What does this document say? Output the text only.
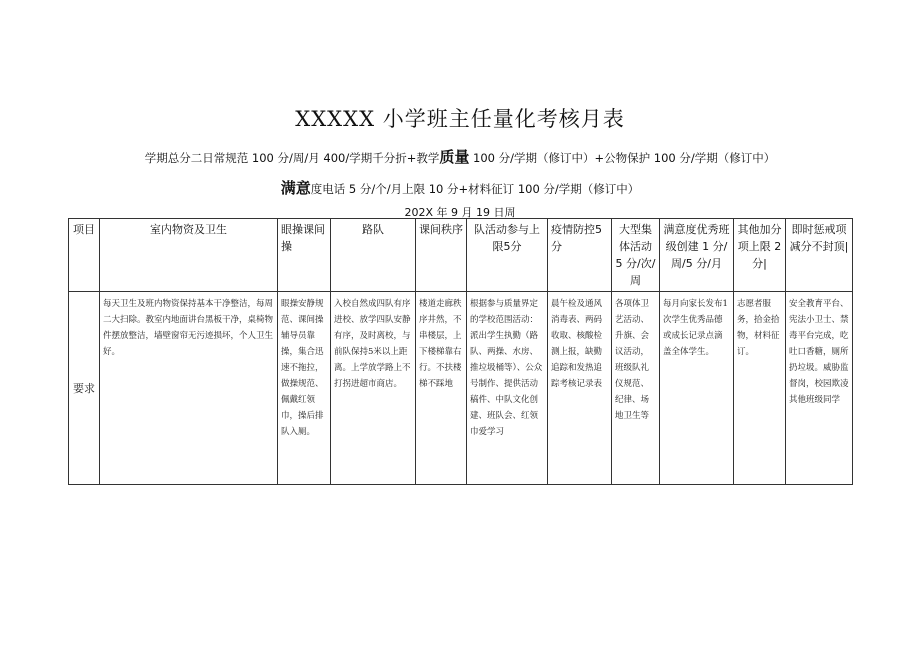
XXXXX 小学班主任量化考核月表
学期总分二日常规范 100 分/周/月 400/学期千分折+教学质量 100 分/学期（修订中）+公物保护 100 分/学期（修订中）
满意度电话 5 分/个/月上限 10 分+材料征订 100 分/学期（修订中）
202X 年 9 月 19 日周
项目	室内物资及卫生	眼操课间操	路队	课间秩序	队活动参与上限5分	疫情防控5分	大型集体活动 5 分/次/周	满意度优秀班级创建 1 分/周/5 分/月	其他加分项上限 2 分|	即时惩戒项减分不封顶|
要求	每天卫生及班内物资保持基本干净整洁，每周二大扫除。教室内地面讲台黑板干净，桌椅物件摆放整洁，墙壁窗帘无污迹损坏，个人卫生好。	眼操安静规范、课间操辅导员靠操，集合迅速不拖拉，做操规范、佩戴红领巾，操后排队入厕。	入校自然成四队有序进校、放学四队安静有序，及时离校，与前队保持5米以上距离。上学放学路上不打拐进超市商店。	楼道走廊秩序井然，不串楼层，上下楼梯靠右行。不扶楼梯不踩地	根据参与质量界定的学校范围活动：派出学生执勤（路队、两操、水房、推垃圾桶等）、公众号制作、提供活动稿件、中队文化创建、班队会、红领巾爱学习	晨午检及通风消毒表、两码收取、核酸检测上报，缺勤追踪和发热追踪考核记录表	各项体卫艺活动、升旗、会议活动，班级队礼仪规范、纪律、场地卫生等	每月向家长发布1次学生优秀品德或成长记录点滴盖全体学生。	志愿者服务，拾金拾物，材料征订。	安全教育平台、宪法小卫士、禁毒平台完成，吃吐口香糖，厕所扔垃圾。威胁监督岗，校园欺凌其他班级同学
